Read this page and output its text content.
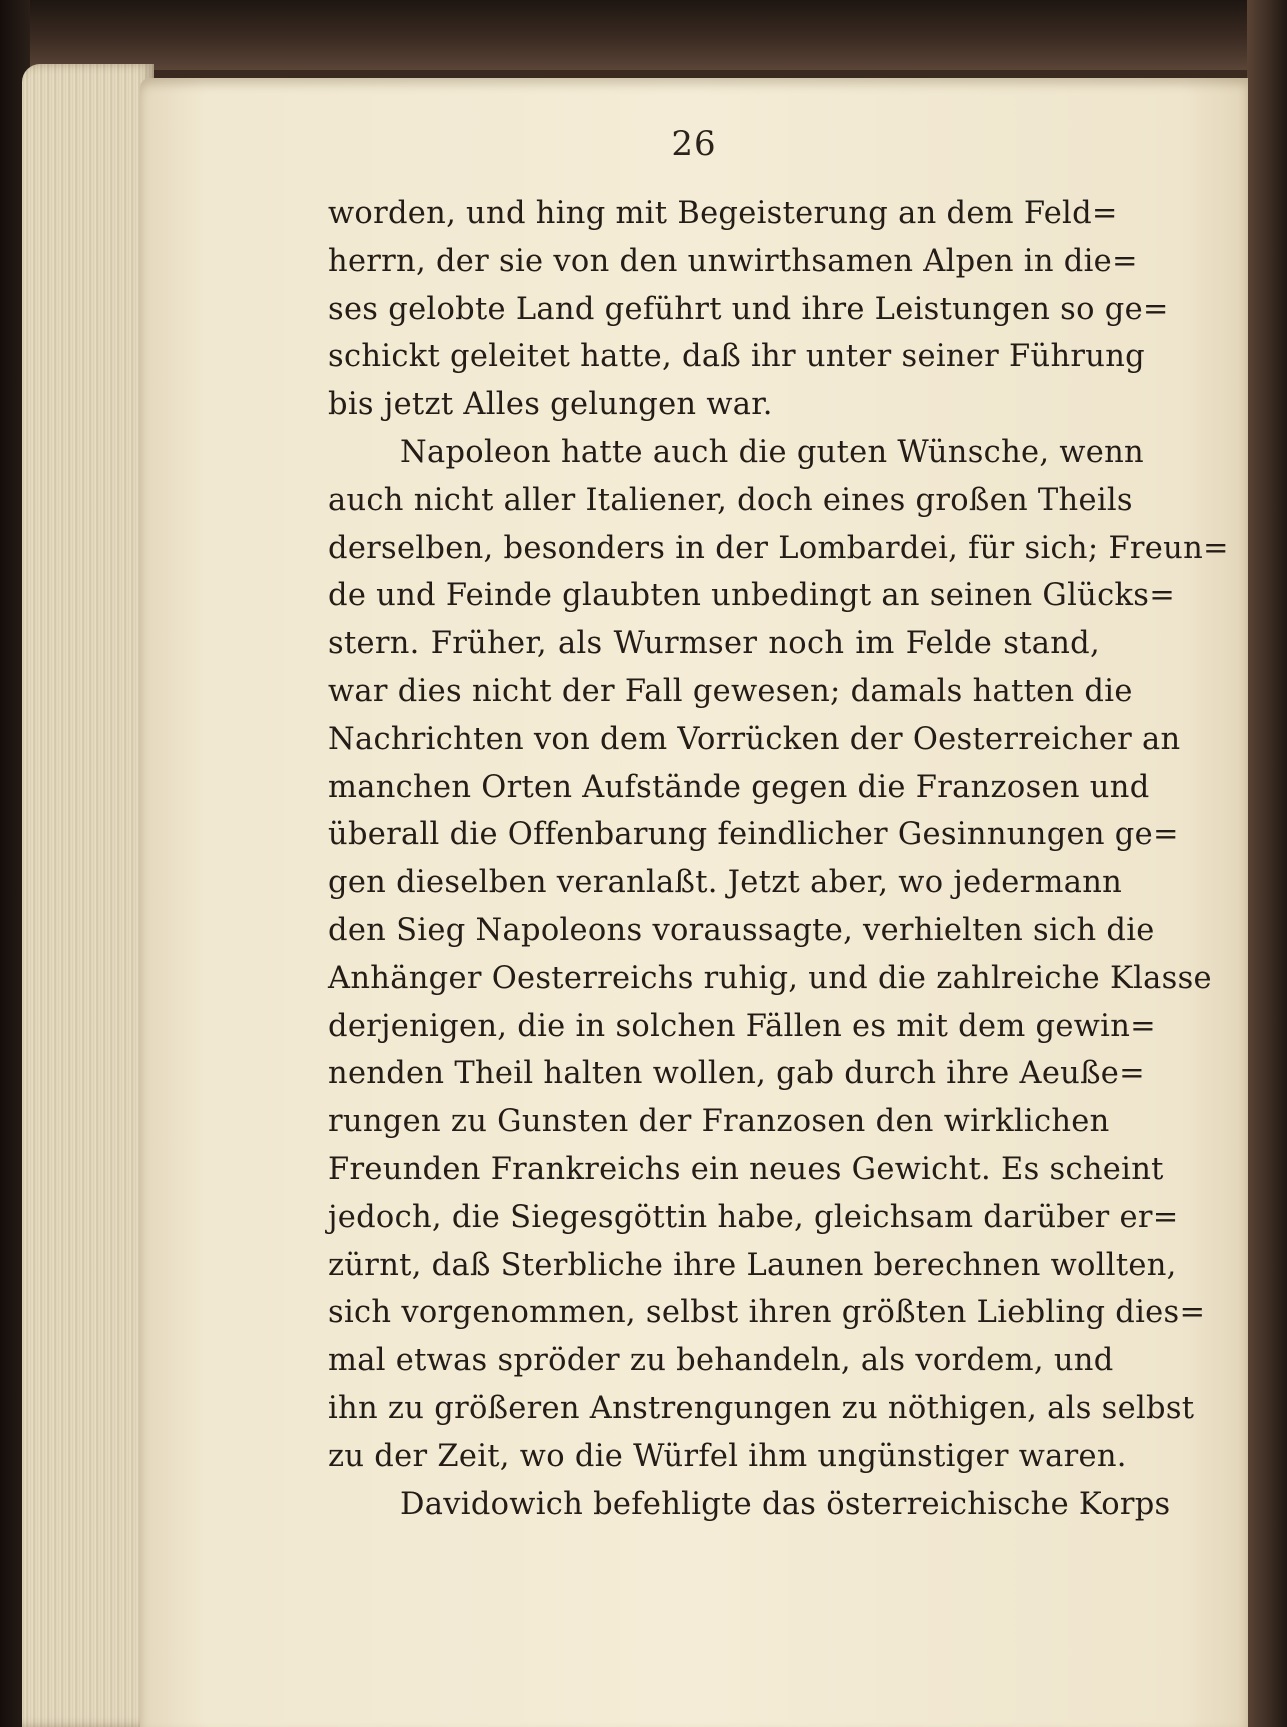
26
worden, und hing mit Begeisterung an dem Feld=
herrn, der sie von den unwirthsamen Alpen in die=
ses gelobte Land geführt und ihre Leistungen so ge=
schickt geleitet hatte, daß ihr unter seiner Führung
bis jetzt Alles gelungen war.
Napoleon hatte auch die guten Wünsche, wenn
auch nicht aller Italiener, doch eines großen Theils
derselben, besonders in der Lombardei, für sich; Freun=
de und Feinde glaubten unbedingt an seinen Glücks=
stern. Früher, als Wurmser noch im Felde stand,
war dies nicht der Fall gewesen; damals hatten die
Nachrichten von dem Vorrücken der Oesterreicher an
manchen Orten Aufstände gegen die Franzosen und
überall die Offenbarung feindlicher Gesinnungen ge=
gen dieselben veranlaßt. Jetzt aber, wo jedermann
den Sieg Napoleons voraussagte, verhielten sich die
Anhänger Oesterreichs ruhig, und die zahlreiche Klasse
derjenigen, die in solchen Fällen es mit dem gewin=
nenden Theil halten wollen, gab durch ihre Aeuße=
rungen zu Gunsten der Franzosen den wirklichen
Freunden Frankreichs ein neues Gewicht. Es scheint
jedoch, die Siegesgöttin habe, gleichsam darüber er=
zürnt, daß Sterbliche ihre Launen berechnen wollten,
sich vorgenommen, selbst ihren größten Liebling dies=
mal etwas spröder zu behandeln, als vordem, und
ihn zu größeren Anstrengungen zu nöthigen, als selbst
zu der Zeit, wo die Würfel ihm ungünstiger waren.
Davidowich befehligte das österreichische Korps
